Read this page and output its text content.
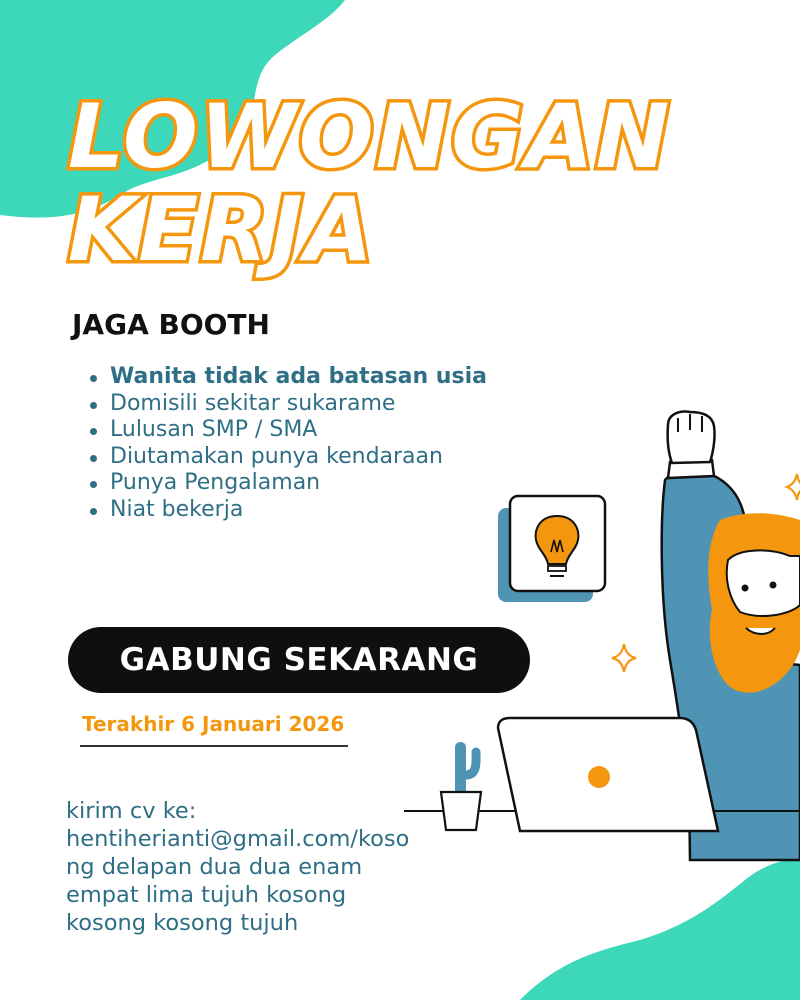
LOWONGAN
KERJA
JAGA BOOTH
Wanita tidak ada batasan usia
Domisili sekitar sukarame
Lulusan SMP / SMA
Diutamakan punya kendaraan
Punya Pengalaman
Niat bekerja
GABUNG SEKARANG

Terakhir 6 Januari 2026

kirim cv ke:
hentiherianti@gmail.com/koso
ng delapan dua dua enam
empat lima tujuh kosong
kosong kosong tujuh
